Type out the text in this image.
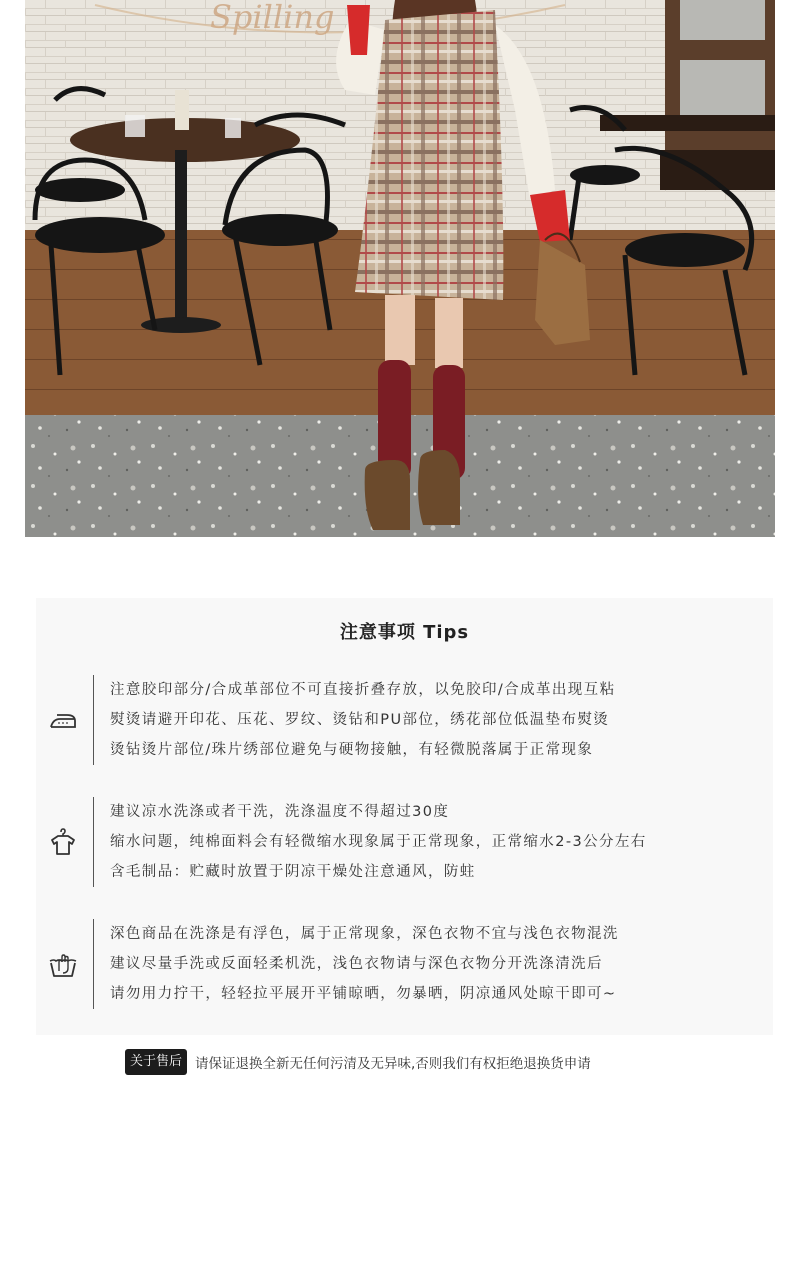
Spilling
注意事项 Tips
注意胶印部分/合成革部位不可直接折叠存放，以免胶印/合成革出现互粘
熨烫请避开印花、压花、罗纹、烫钻和PU部位，绣花部位低温垫布熨烫
烫钻烫片部位/珠片绣部位避免与硬物接触，有轻微脱落属于正常现象
建议凉水洗涤或者干洗，洗涤温度不得超过30度
缩水问题，纯棉面料会有轻微缩水现象属于正常现象，正常缩水2-3公分左右
含毛制品：贮藏时放置于阴凉干燥处注意通风，防蛀
深色商品在洗涤是有浮色，属于正常现象，深色衣物不宜与浅色衣物混洗
建议尽量手洗或反面轻柔机洗，浅色衣物请与深色衣物分开洗涤清洗后
请勿用力拧干，轻轻拉平展开平铺晾晒，勿暴晒，阴凉通风处晾干即可~
关于售后 请保证退换全新无任何污清及无异味,否则我们有权拒绝退换货申请
